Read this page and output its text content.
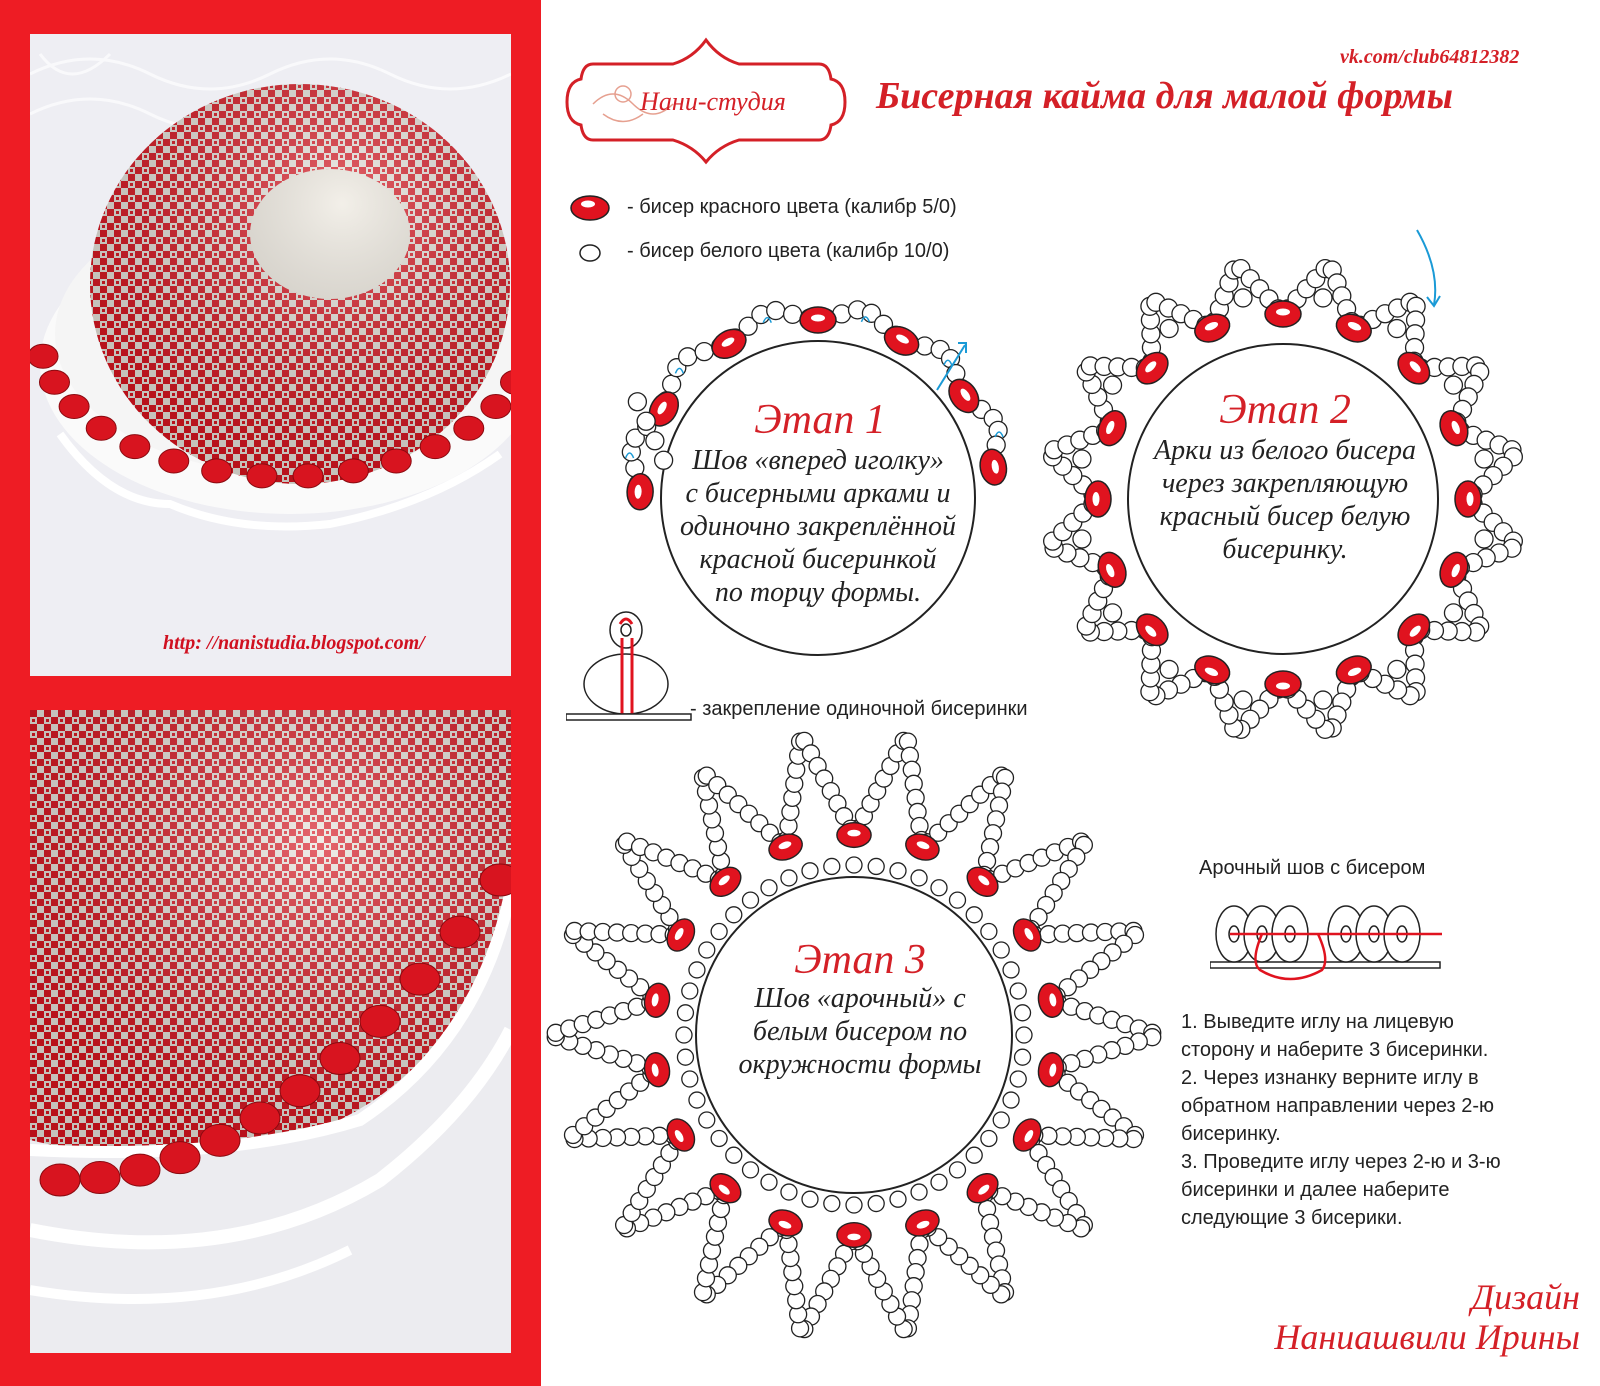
http: //nanistudia.blogspot.com/
Нани-студия
vk.com/club64812382
Бисерная кайма для малой формы
- бисер красного цвета (калибр 5/0)
- бисер белого цвета (калибр 10/0)
Этап 1
Шов «вперед иголку»
с бисерными арками и
одиночно закреплённой
красной бисеринкой
по торцу формы.
Этап 2
Арки из белого бисера
через закрепляющую
красный бисер белую
бисеринку.
Этап 3
Шов «арочный» с
белым бисером по
окружности формы
- закрепление одиночной бисеринки
Арочный шов с бисером
1. Выведите иглу на лицевую
сторону и наберите 3 бисеринки.
2. Через изнанку верните иглу в
обратном направлении через 2-ю
бисеринку.
3. Проведите иглу через 2-ю и 3-ю
бисеринки и далее наберите
следующие 3 бисерики.
Дизайн
Наниашвили Ирины
